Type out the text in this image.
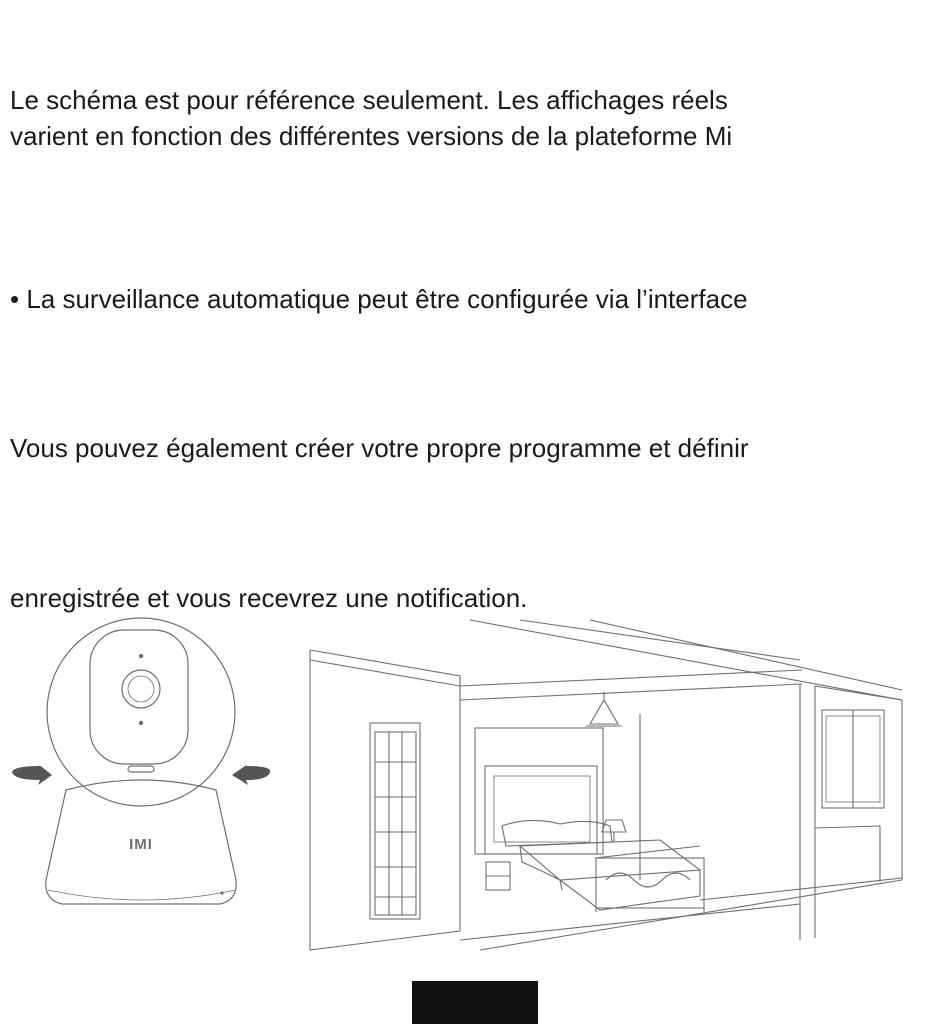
Le schéma est pour référence seulement. Les affichages réels

varient en fonction des différentes versions de la plateforme Mi

• La surveillance automatique peut être configurée via l’interface

Vous pouvez également créer votre propre programme et définir

enregistrée et vous recevrez une notification.

IMI
